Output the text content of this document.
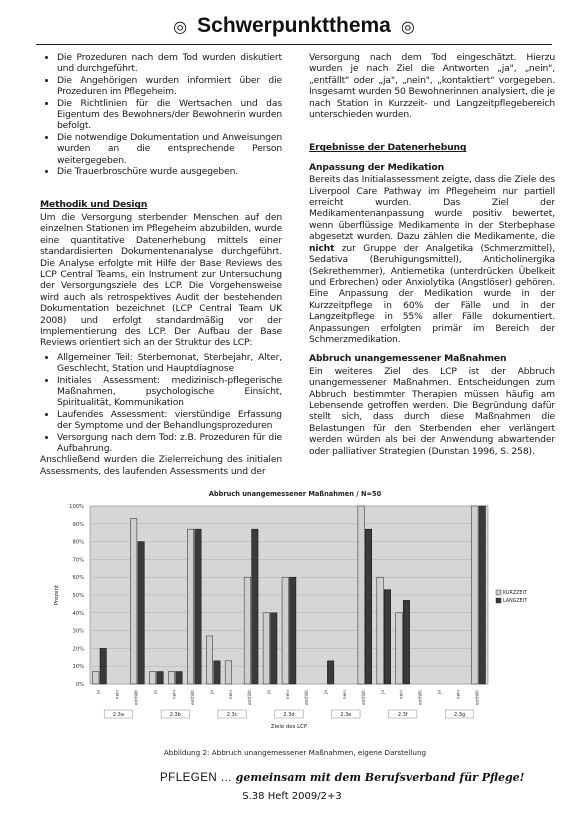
◎ Schwerpunktthema ◎
• Die Prozeduren nach dem Tod wurden diskutiert und durchgeführt.
• Die Angehörigen wurden informiert über die Prozeduren im Pflegeheim.
• Die Richtlinien für die Wertsachen und das Eigentum des Bewohners/der Bewohnerin wurden befolgt.
• Die notwendige Dokumentation und Anweisungen wurden an die entsprechende Person weitergegeben.
• Die Trauerbroschüre wurde ausgegeben.
Methodik und Design

Um die Versorgung sterbender Menschen auf den einzelnen Stationen im Pflegeheim abzubilden, wurde eine quantitative Datenerhebung mittels einer standardisierten Dokumentenanalyse durchgeführt. Die Analyse erfolgte mit Hilfe der Base Reviews des LCP Central Teams, ein Instrument zur Untersuchung der Versorgungsziele des LCP. Die Vorgehensweise wird auch als retrospektives Audit der bestehenden Dokumentation bezeichnet (LCP Central Team UK 2008) und erfolgt standardmäßig vor der Implementierung des LCP. Der Aufbau der Base Reviews orientiert sich an der Struktur des LCP:

• Allgemeiner Teil: Sterbemonat, Sterbejahr, Alter, Geschlecht, Station und Hauptdiagnose
• Initiales Assessment: medizinisch-pflegerische Maßnahmen, psychologische Einsicht, Spiritualität, Kommunikation
• Laufendes Assessment: vierstündige Erfassung der Symptome und der Behandlungsprozeduren
• Versorgung nach dem Tod: z.B. Prozeduren für die Aufbahrung.

Anschließend wurden die Zielerreichung des initialen Assessments, des laufenden Assessments und der

Versorgung nach dem Tod eingeschätzt. Hierzu wurden je nach Ziel die Antworten „ja", „nein", „entfällt" oder „ja", „nein", „kontaktiert" vorgegeben. Insgesamt wurden 50 Bewohnerinnen analysiert, die je nach Station in Kurzzeit- und Langzeitpflegebereich unterschieden wurden.

Ergebnisse der Datenerhebung
Anpassung der Medikation

Bereits das Initialassessment zeigte, dass die Ziele des Liverpool Care Pathway im Pflegeheim nur partiell erreicht wurden. Das Ziel der Medikamentenanpassung wurde positiv bewertet, wenn überflüssige Medikamente in der Sterbephase abgesetzt wurden. Dazu zählen die Medikamente, die nicht zur Gruppe der Analgetika (Schmerzmittel), Sedativa (Beruhigungsmittel), Anticholinergika (Sekrethemmer), Antiemetika (unterdrücken Übelkeit und Erbrechen) oder Anxiolytika (Angstlöser) gehören. Eine Anpassung der Medikation wurde in der Kurzzeitpflege in 60% der Fälle und in der Langzeitpflege in 55% aller Fälle dokumentiert. Anpassungen erfolgten primär im Bereich der Schmerzmedikation.

Abbruch unangemessener Maßnahmen

Ein weiteres Ziel des LCP ist der Abbruch unangemessener Maßnahmen. Entscheidungen zum Abbruch bestimmter Therapien müssen häufig am Lebensende getroffen werden. Die Begründung dafür stellt sich, dass durch diese Maßnahmen die Belastungen für den Sterbenden eher verlängert werden würden als bei der Anwendung abwartender oder palliativer Strategien (Dunstan 1996, S. 258).

Abbruch unangemessener Maßnahmen / N=50
0%
10%
20%
30%
40%
50%
60%
70%
80%
90%
100%
ja	nein	entfällt	ja	nein	entfällt	ja	nein	entfällt	ja	nein	entfällt	ja	nein	entfällt	ja	nein	entfällt	ja	nein	entfällt
2.3a	2.3b	2.3c	2.3d	2.3e	2.3f	2.3g
Ziele des LCP
Prozent	KURZZEIT
LANGZEIT
Abbildung 2: Abbruch unangemessener Maßnahmen, eigene Darstellung
PFLEGEN ... gemeinsam mit dem Berufsverband für Pflege!
S.38 Heft 2009/2+3
